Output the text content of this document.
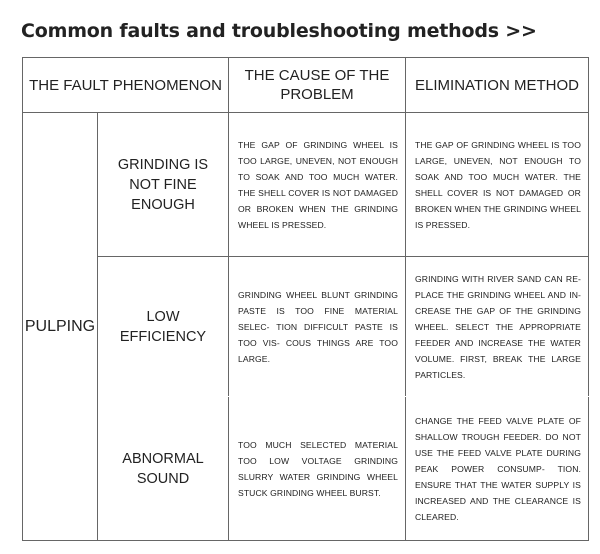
Common faults and troubleshooting methods >>
THE FAULT PHENOMENON		THE CAUSE OF THE PROBLEM	ELIMINATION METHOD
PULPING	GRINDING IS NOT FINE ENOUGH	THE GAP OF GRINDING WHEEL IS TOO LARGE, UNEVEN, NOT ENOUGH TO SOAK AND TOO MUCH WATER. THE SHELL COVER IS NOT DAMAGED OR BROKEN WHEN THE GRINDING WHEEL IS PRESSED.	THE GAP OF GRINDING WHEEL IS TOO LARGE, UNEVEN, NOT ENOUGH TO SOAK AND TOO MUCH WATER. THE SHELL COVER IS NOT DAMAGED OR BROKEN WHEN THE GRINDING WHEEL IS PRESSED.
	LOW EFFICIENCY	GRINDING WHEEL BLUNT GRINDING PASTE IS TOO FINE MATERIAL SELEC- TION DIFFICULT PASTE IS TOO VIS- COUS THINGS ARE TOO LARGE.	GRINDING WITH RIVER SAND CAN RE- PLACE THE GRINDING WHEEL AND IN- CREASE THE GAP OF THE GRINDING WHEEL. SELECT THE APPROPRIATE FEEDER AND INCREASE THE WATER VOLUME. FIRST, BREAK THE LARGE PARTICLES.
	ABNORMAL SOUND	TOO MUCH SELECTED MATERIAL TOO LOW VOLTAGE GRINDING SLURRY WATER GRINDING WHEEL STUCK GRINDING WHEEL BURST.	CHANGE THE FEED VALVE PLATE OF SHALLOW TROUGH FEEDER. DO NOT USE THE FEED VALVE PLATE DURING PEAK POWER CONSUMP- TION. ENSURE THAT THE WATER SUPPLY IS INCREASED AND THE CLEARANCE IS CLEARED.
